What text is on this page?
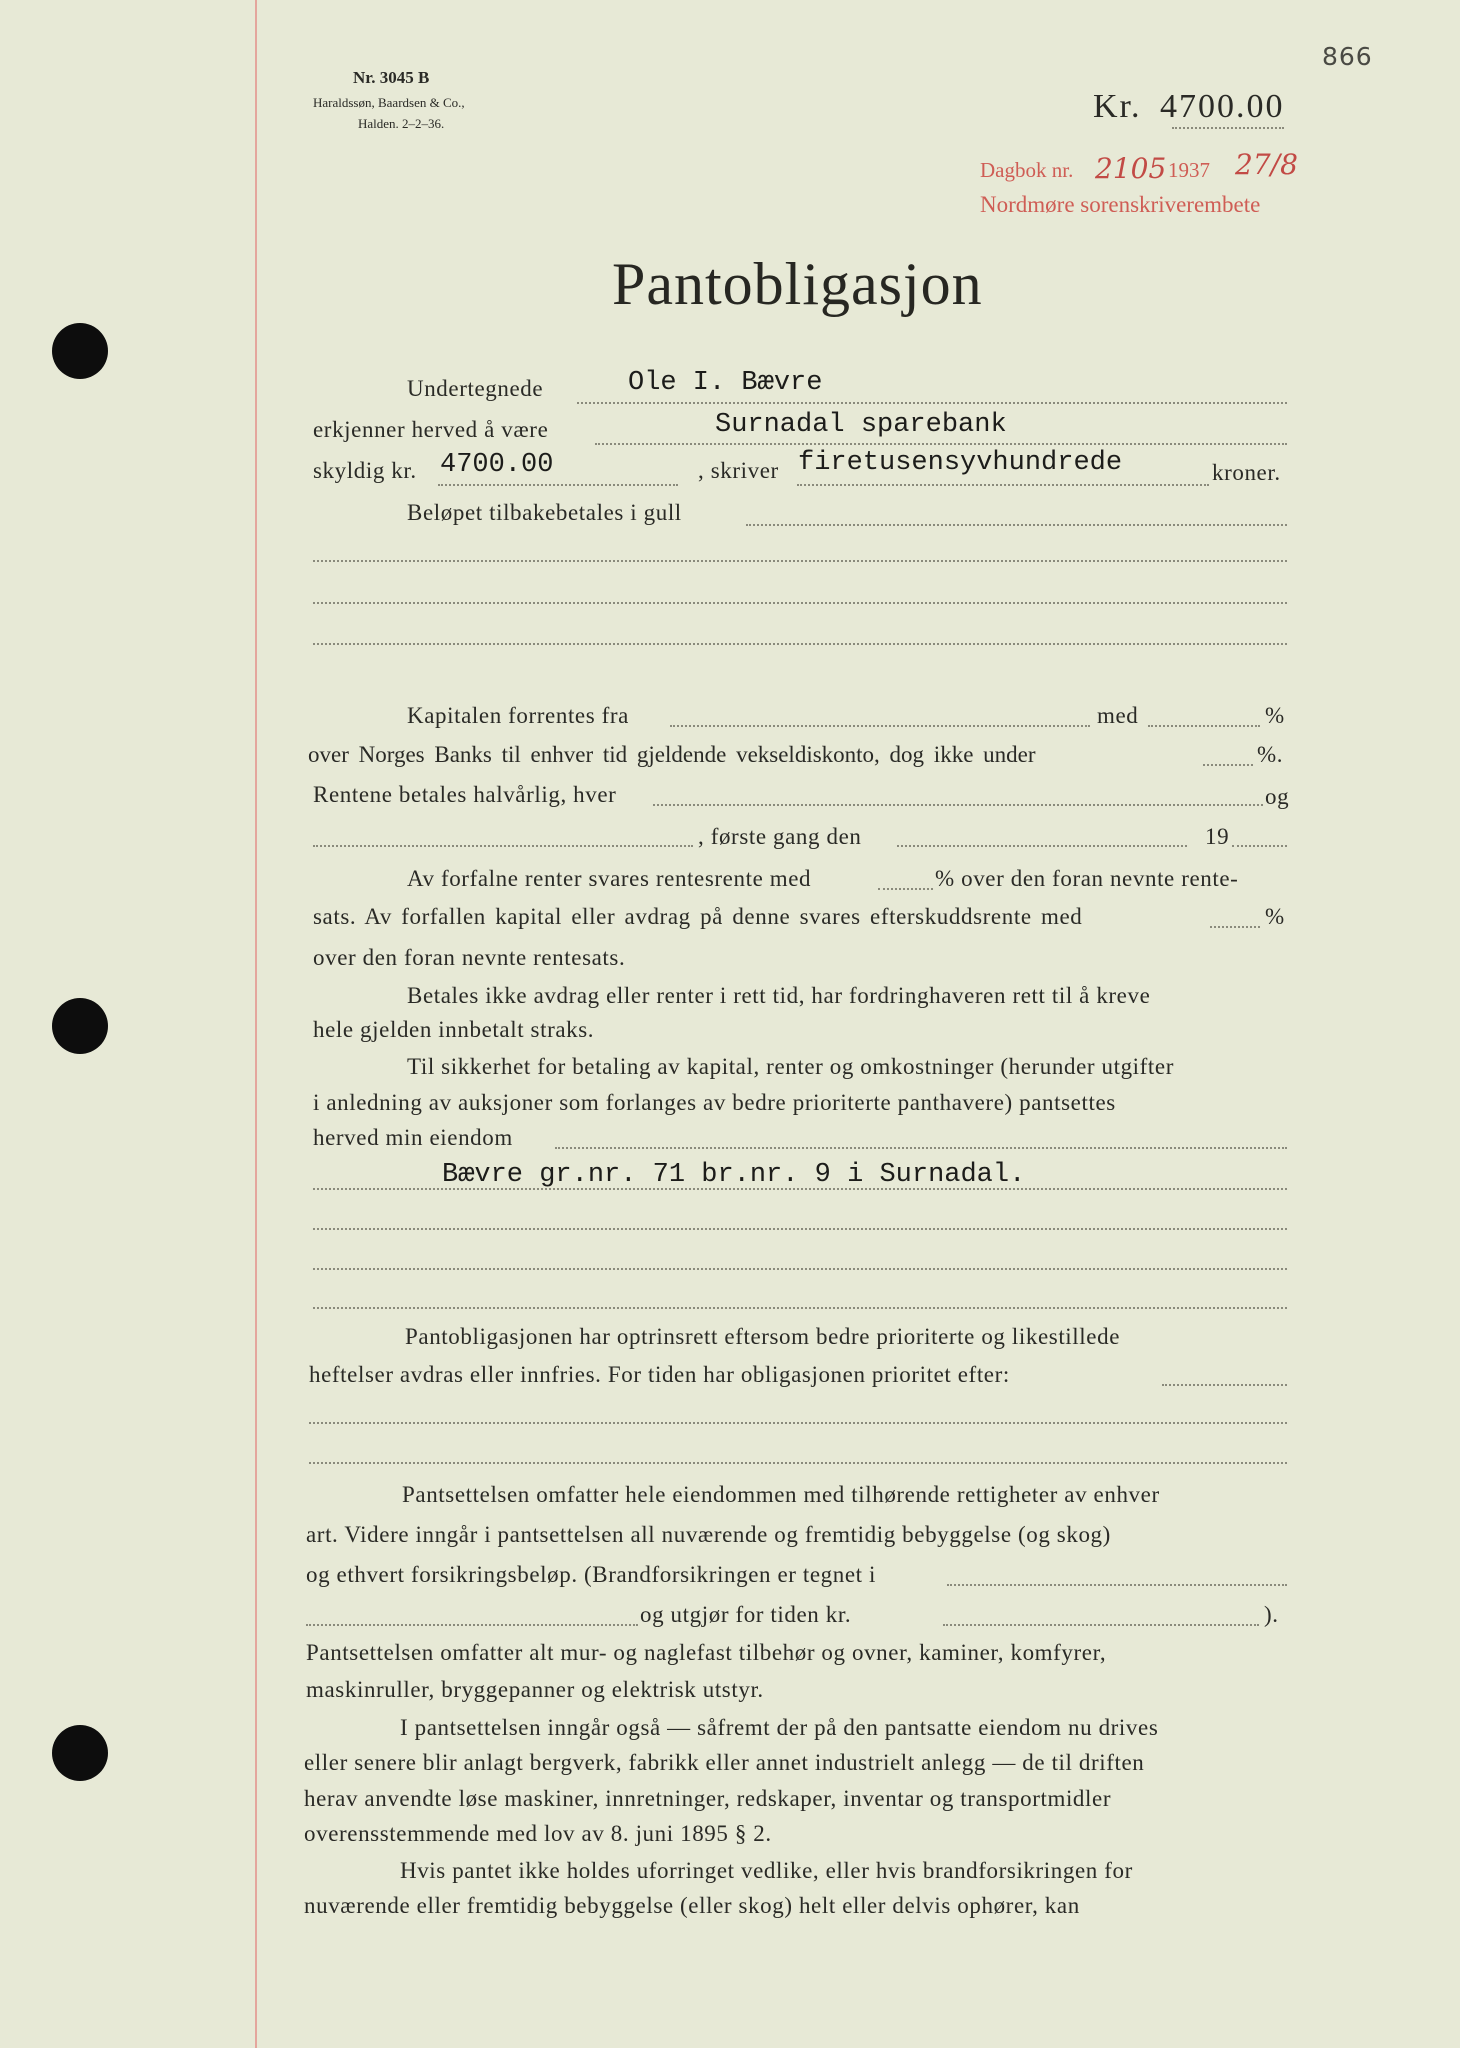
866
Nr. 3045 B
Haraldssøn, Baardsen & Co.,
Halden. 2–2–36.	Kr. 4700.00
Dagbok nr. 2105 1937 27/8
Nordmøre sorenskriverembete
Pantobligasjon
Undertegnede	Ole I. Bævre
erkjenner herved å være	Surnadal sparebank
skyldig kr. 4700.00	, skriver firetusensyvhundrede	kroner.
Beløpet tilbakebetales i gull
Kapitalen forrentes fra	med	%
over Norges Banks til enhver tid gjeldende vekseldiskonto, dog ikke under	%.
Rentene betales halvårlig, hver	og
, første gang den	19
Av forfalne renter svares rentesrente med	% over den foran nevnte rente-
sats. Av forfallen kapital eller avdrag på denne svares efterskuddsrente med	%
over den foran nevnte rentesats.
Betales ikke avdrag eller renter i rett tid, har fordringhaveren rett til å kreve
hele gjelden innbetalt straks.
Til sikkerhet for betaling av kapital, renter og omkostninger (herunder utgifter
i anledning av auksjoner som forlanges av bedre prioriterte panthavere) pantsettes
herved min eiendom
Bævre gr.nr. 71 br.nr. 9 i Surnadal.
Pantobligasjonen har optrinsrett eftersom bedre prioriterte og likestillede
heftelser avdras eller innfries. For tiden har obligasjonen prioritet efter:
Pantsettelsen omfatter hele eiendommen med tilhørende rettigheter av enhver
art. Videre inngår i pantsettelsen all nuværende og fremtidig bebyggelse (og skog)
og ethvert forsikringsbeløp. (Brandforsikringen er tegnet i
og utgjør for tiden kr.	).
Pantsettelsen omfatter alt mur- og naglefast tilbehør og ovner, kaminer, komfyrer,
maskinruller, bryggepanner og elektrisk utstyr.
I pantsettelsen inngår også — såfremt der på den pantsatte eiendom nu drives
eller senere blir anlagt bergverk, fabrikk eller annet industrielt anlegg — de til driften
herav anvendte løse maskiner, innretninger, redskaper, inventar og transportmidler
overensstemmende med lov av 8. juni 1895 § 2.
Hvis pantet ikke holdes uforringet vedlike, eller hvis brandforsikringen for
nuværende eller fremtidig bebyggelse (eller skog) helt eller delvis ophører, kan
